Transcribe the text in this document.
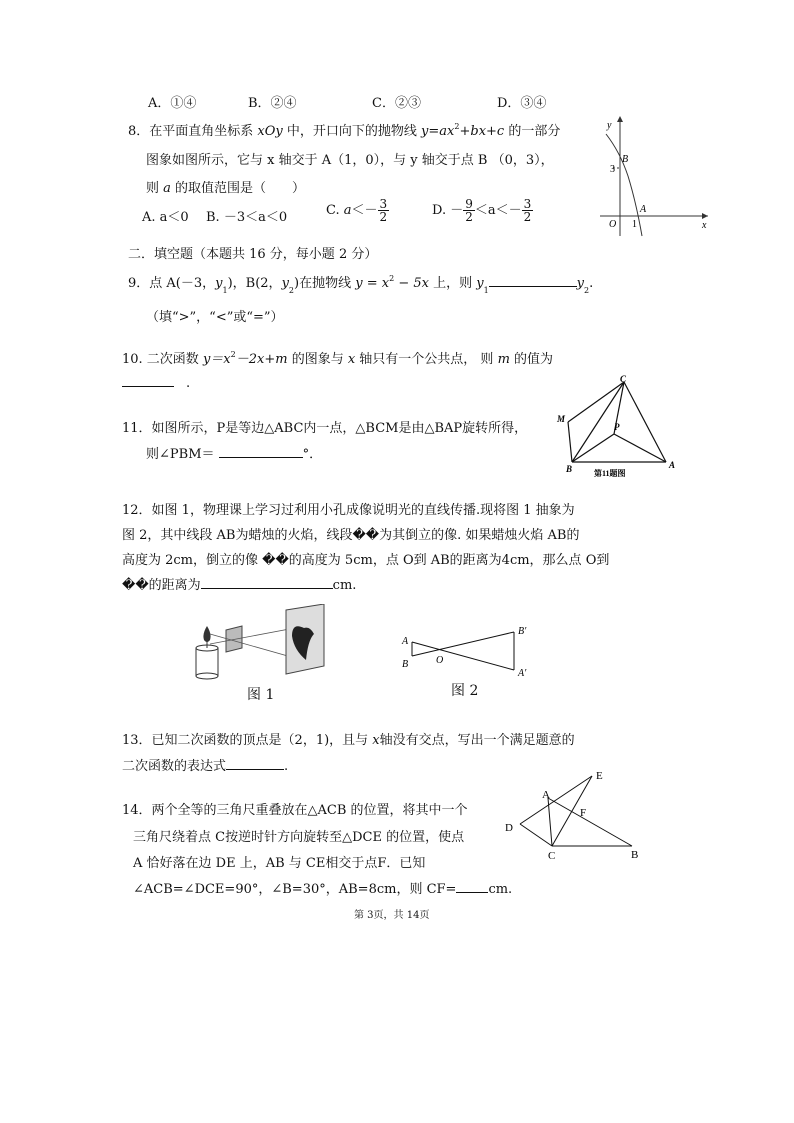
A．①④	B．②④	C．②③	D．③④
8．在平面直角坐标系 xOy 中，开口向下的抛物线 $y=ax^2+bx+c$ 的一部分
图象如图所示，它与 x 轴交于 A（1，0），与 y 轴交于点 B （0，3），
则 a 的取值范围是（　　）
A. a＜0 B. －3＜a＜0	C. $a<- \frac{3}{2}$	D. － $\frac{9}{2} <a<- \frac{3}{2}$
y
x
B
3
O 1
A
二．填空题（本题共 16 分，每小题 2 分）
9．点 A(－3，$y_1$)，B(2，$y_2$)在抛物线 $y = x^2 - 5x$ 上，则 $y_1$	$y_2$.
（填“>”，“<”或“=”）
10. 二次函数 $y=x^2-2x+m$ 的图象与 x 轴只有一个公共点， 则 m 的值为
.
11．如图所示，P是等边△ABC内一点，△BCM是由△BAP旋转所得，
则∠PBM＝	°．
C
M
P
B	A
第11题图
12．如图 1，物理课上学习过利用小孔成像说明光的直线传播.现将图 1 抽象为
图 2，其中线段 AB为蜡烛的火焰，线段��为其倒立的像. 如果蜡烛火焰 AB的
高度为 2cm，倒立的像 ��的高度为 5cm，点 O到 AB的距离为4cm，那么点 O到
��的距离为	cm.
图 1
A
B	O
B′
A′
图 2
13．已知二次函数的顶点是（2，1)，且与 x轴没有交点，写出一个满足题意的
二次函数的表达式	.
14．两个全等的三角尺重叠放在△ACB 的位置，将其中一个
三角尺绕着点 C按逆时针方向旋转至△DCE 的位置，使点
A 恰好落在边 DE 上，AB 与 CE相交于点F．已知
∠ACB=∠DCE=90°，∠B=30°，AB=8cm，则 CF= cm.
E
A
F
D
C	B
第 3页，共 14页
